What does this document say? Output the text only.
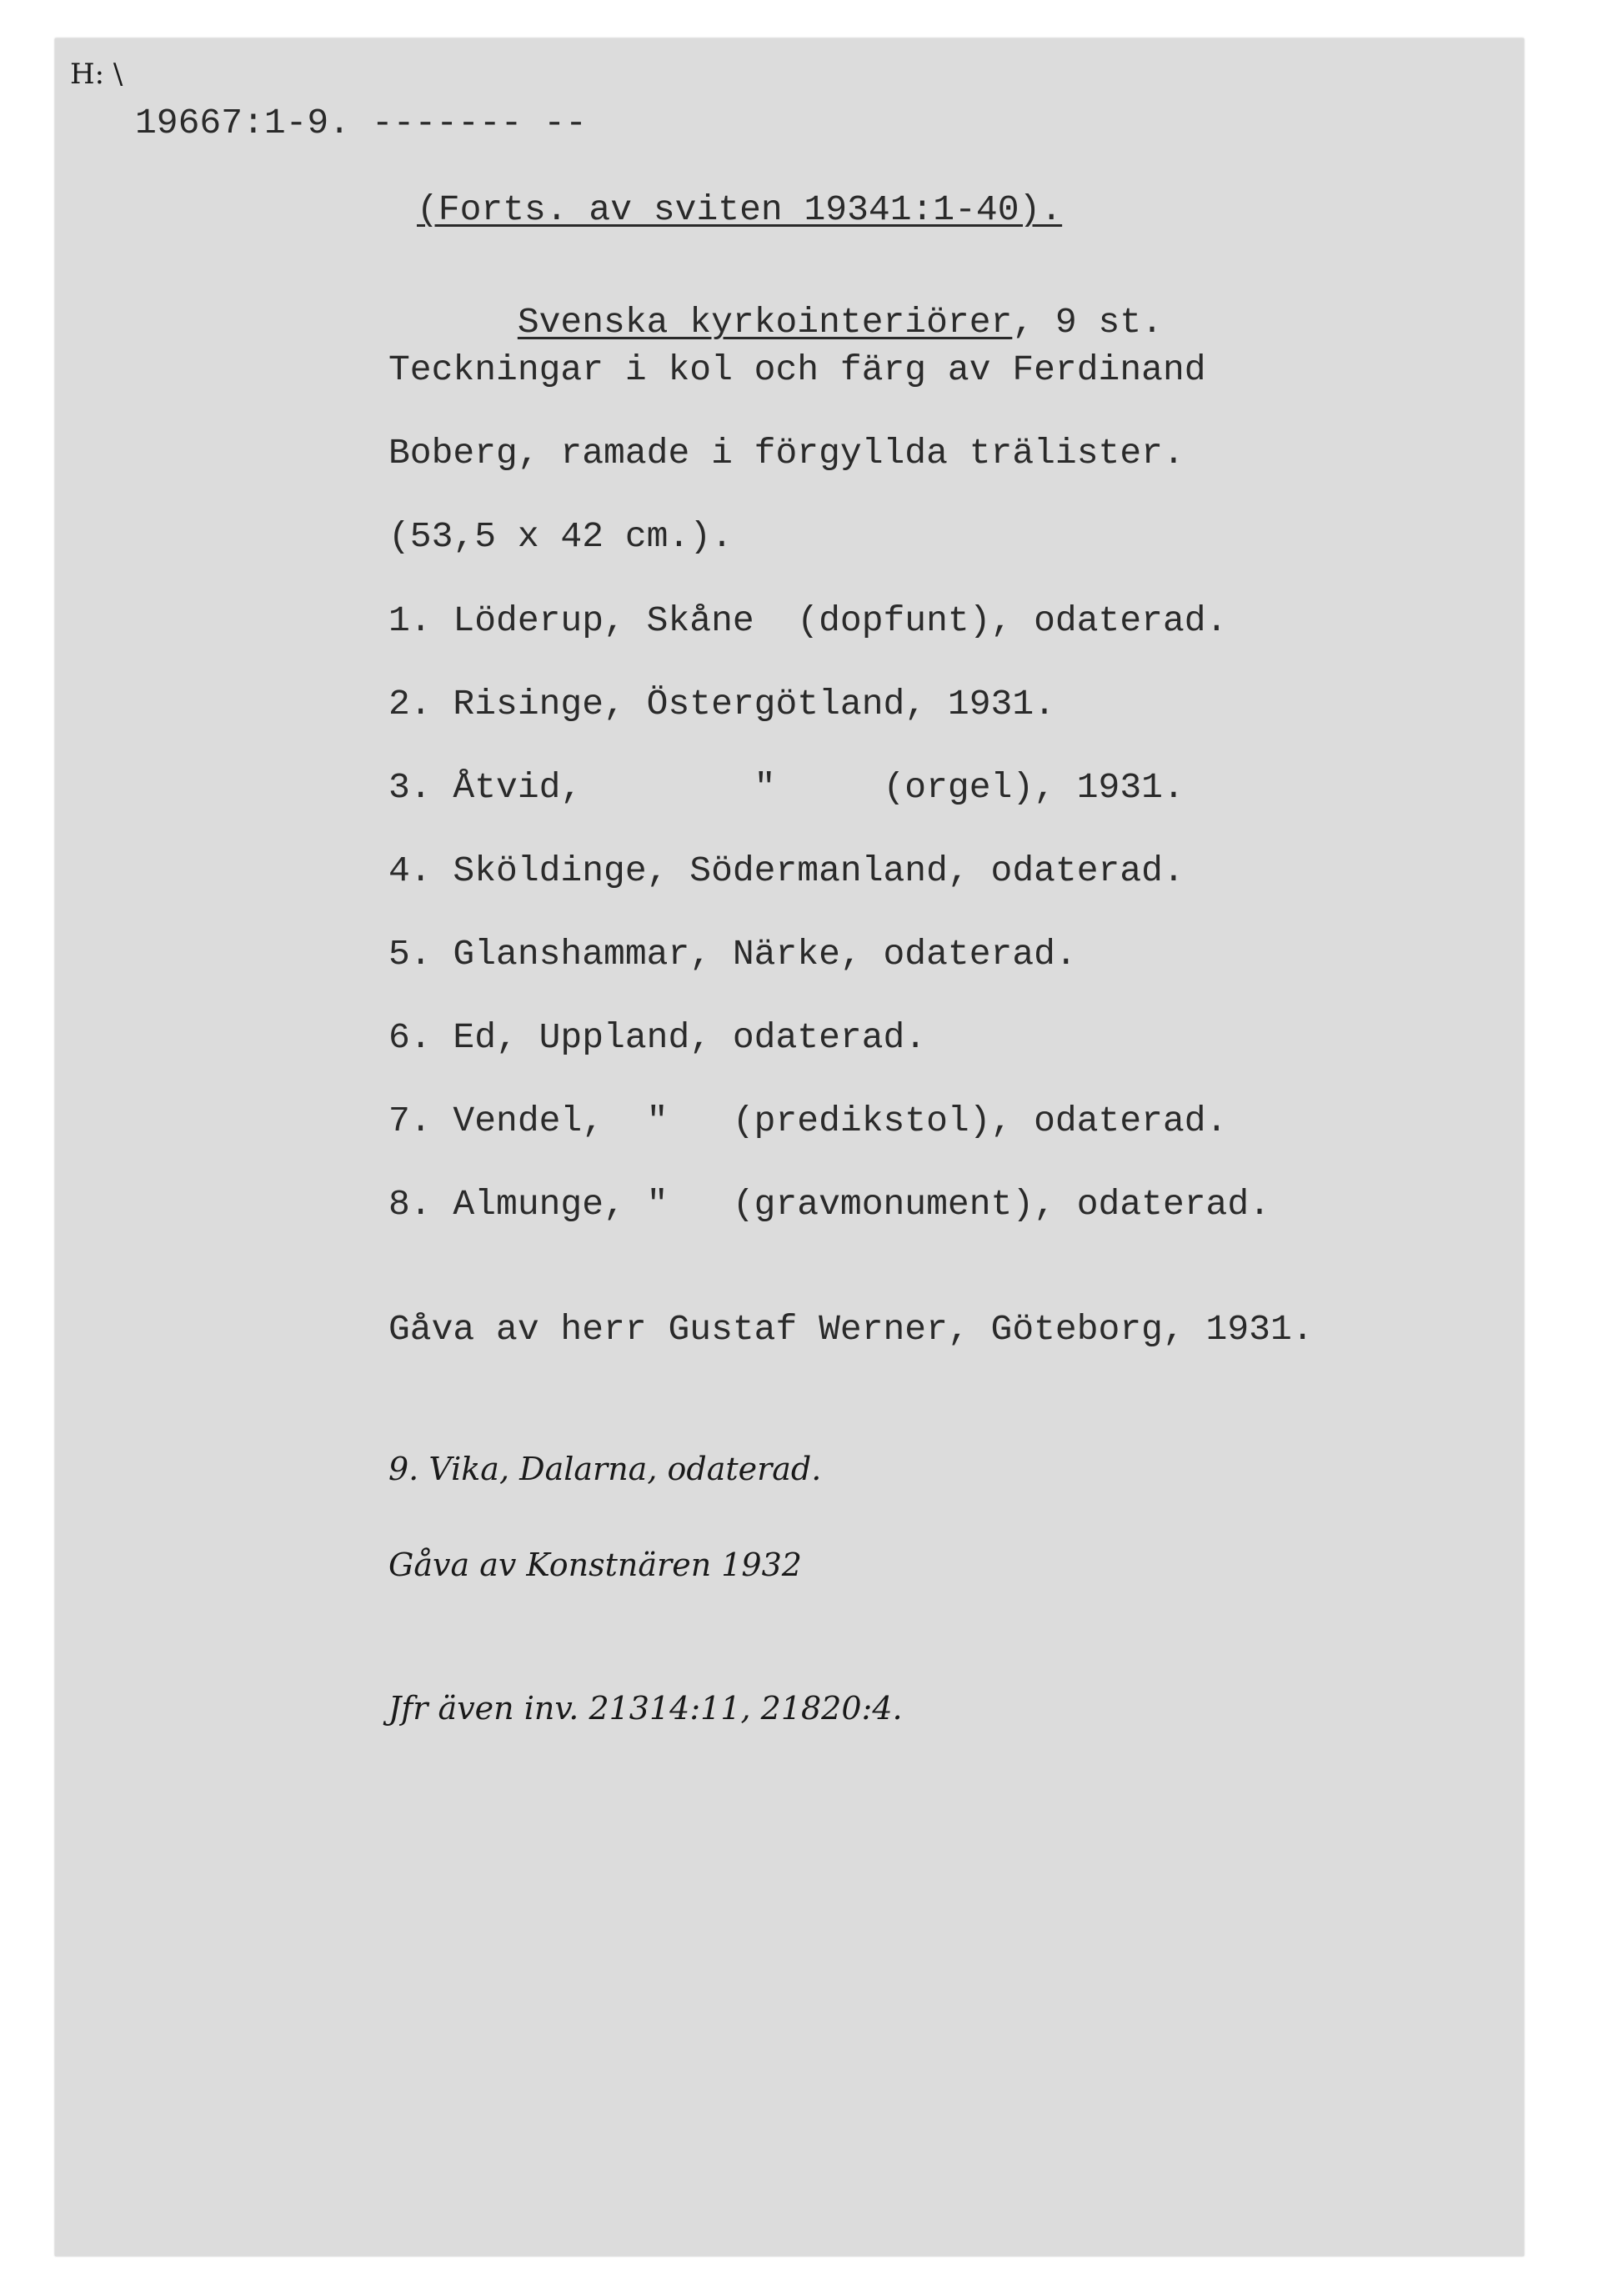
H: \
19667:1-9. ------- --
(Forts. av sviten 19341:1-40).

Svenska kyrkointeriörer, 9 st.

Teckningar i kol och färg av Ferdinand
Boberg, ramade i förgyllda trälister.
(53,5 x 42 cm.).
1. Löderup, Skåne  (dopfunt), odaterad.
2. Risinge, Östergötland, 1931.
3. Åtvid,        "     (orgel), 1931.
4. Sköldinge, Södermanland, odaterad.
5. Glanshammar, Närke, odaterad.
6. Ed, Uppland, odaterad.
7. Vendel,  "   (predikstol), odaterad.
8. Almunge, "   (gravmonument), odaterad.
Gåva av herr Gustaf Werner, Göteborg, 1931.
9. Vika, Dalarna, odaterad.
Gåva av Konstnären 1932
Jfr även inv. 21314:11, 21820:4.
